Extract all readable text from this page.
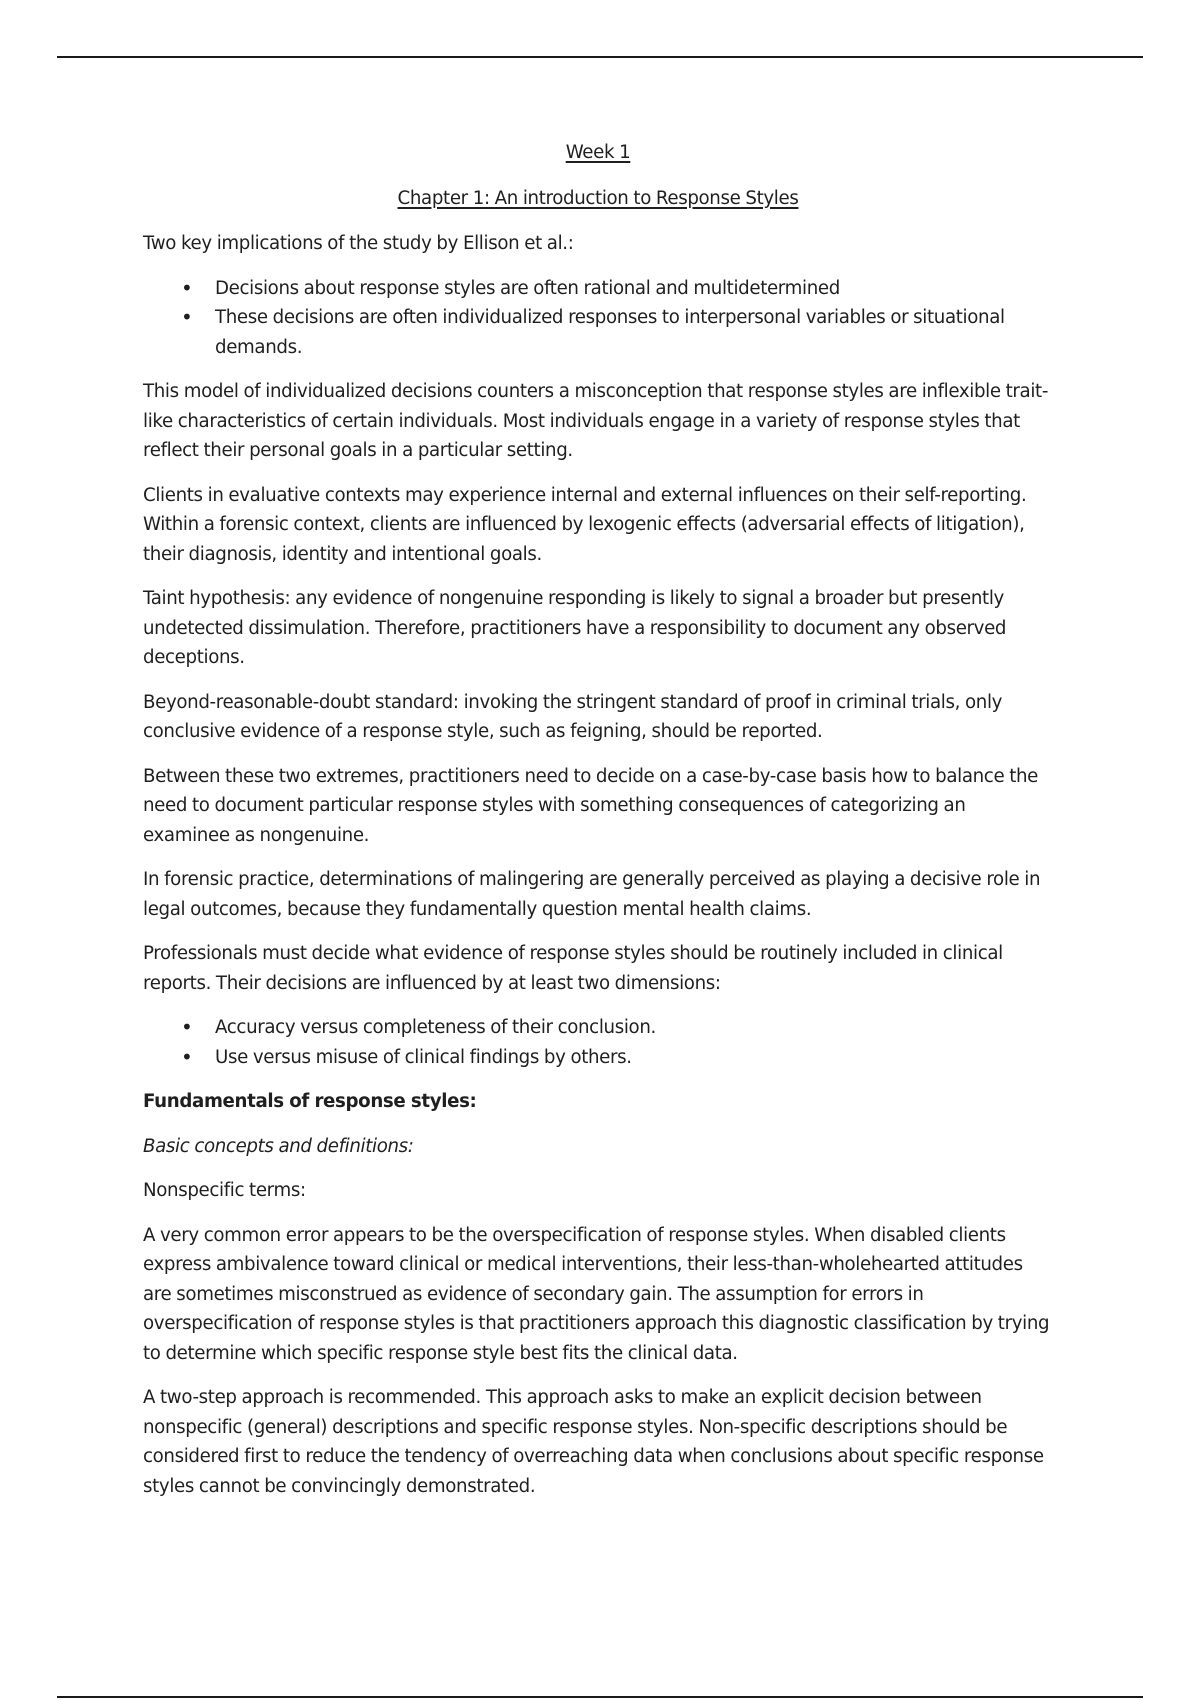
Week 1
Chapter 1: An introduction to Response Styles

Two key implications of the study by Ellison et al.:

• Decisions about response styles are often rational and multidetermined
• These decisions are often individualized responses to interpersonal variables or situational demands.

This model of individualized decisions counters a misconception that response styles are inflexible trait-like characteristics of certain individuals. Most individuals engage in a variety of response styles that reflect their personal goals in a particular setting.

Clients in evaluative contexts may experience internal and external influences on their self-reporting. Within a forensic context, clients are influenced by lexogenic effects (adversarial effects of litigation), their diagnosis, identity and intentional goals.

Taint hypothesis: any evidence of nongenuine responding is likely to signal a broader but presently undetected dissimulation. Therefore, practitioners have a responsibility to document any observed deceptions.

Beyond-reasonable-doubt standard: invoking the stringent standard of proof in criminal trials, only conclusive evidence of a response style, such as feigning, should be reported.

Between these two extremes, practitioners need to decide on a case-by-case basis how to balance the need to document particular response styles with something consequences of categorizing an examinee as nongenuine.

In forensic practice, determinations of malingering are generally perceived as playing a decisive role in legal outcomes, because they fundamentally question mental health claims.

Professionals must decide what evidence of response styles should be routinely included in clinical reports. Their decisions are influenced by at least two dimensions:

• Accuracy versus completeness of their conclusion.
• Use versus misuse of clinical findings by others.

Fundamentals of response styles:

Basic concepts and definitions:

Nonspecific terms:

A very common error appears to be the overspecification of response styles. When disabled clients express ambivalence toward clinical or medical interventions, their less-than-wholehearted attitudes are sometimes misconstrued as evidence of secondary gain. The assumption for errors in overspecification of response styles is that practitioners approach this diagnostic classification by trying to determine which specific response style best fits the clinical data.

A two-step approach is recommended. This approach asks to make an explicit decision between nonspecific (general) descriptions and specific response styles. Non-specific descriptions should be considered first to reduce the tendency of overreaching data when conclusions about specific response styles cannot be convincingly demonstrated.
